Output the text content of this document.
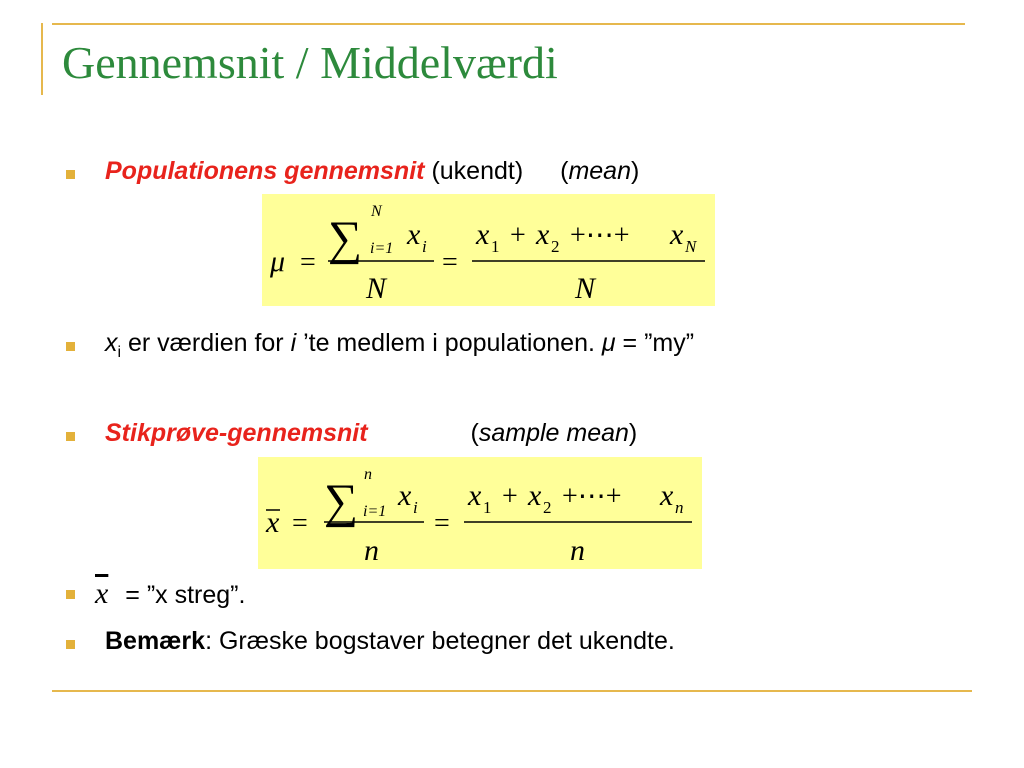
Gennemsnit / Middelværdi
Populationens gennemsnit (ukendt) (mean)
μ = ∑
N
i=1 x i
N
=
x 1 + x 2 +⋯+ x N
N
$x_i$ er værdien for i ’te medlem i populationen. μ = ”my”
Stikprøve-gennemsnit	(sample mean)
x = ∑
n
i=1 x i
n
=
x 1 + x 2 +⋯+ x n
n
$\overline{x}$ = ”x streg”.
Bemærk: Græske bogstaver betegner det ukendte.
